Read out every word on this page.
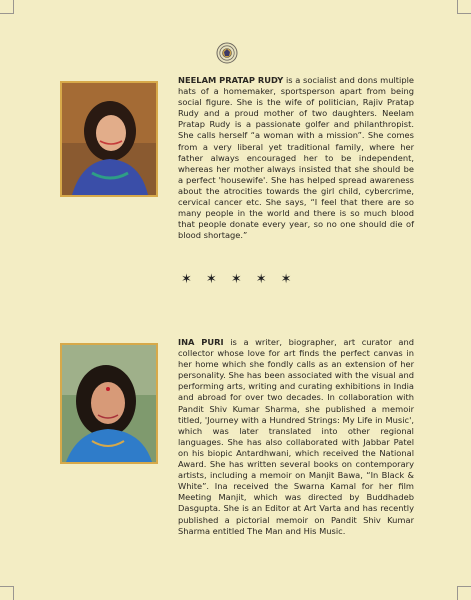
NEELAM PRATAP RUDY is a socialist and dons multiple hats of a homemaker, sportsperson apart from being social figure. She is the wife of politician, Rajiv Pratap Rudy and a proud mother of two daughters. Neelam Pratap Rudy is a passionate golfer and philanthropist. She calls herself “a woman with a mission”. She comes from a very liberal yet traditional family, where her father always encouraged her to be independent, whereas her mother always insisted that she should be a perfect 'housewife'. She has helped spread awareness about the atrocities towards the girl child, cybercrime, cervical cancer etc. She says, “I feel that there are so many people in the world and there is so much blood that people donate every year, so no one should die of blood shortage.”

✶ ✶ ✶ ✶ ✶

INA PURI is a writer, biographer, art curator and collector whose love for art finds the perfect canvas in her home which she fondly calls as an extension of her personality. She has been associated with the visual and performing arts, writing and curating exhibitions in India and abroad for over two decades. In collaboration with Pandit Shiv Kumar Sharma, she published a memoir titled, 'Journey with a Hundred Strings: My Life in Music', which was later translated into other regional languages. She has also collaborated with Jabbar Patel on his biopic Antardhwani, which received the National Award. She has written several books on contemporary artists, including a memoir on Manjit Bawa, “In Black & White”. Ina received the Swarna Kamal for her film Meeting Manjit, which was directed by Buddhadeb Dasgupta. She is an Editor at Art Varta and has recently published a pictorial memoir on Pandit Shiv Kumar Sharma entitled The Man and His Music.
